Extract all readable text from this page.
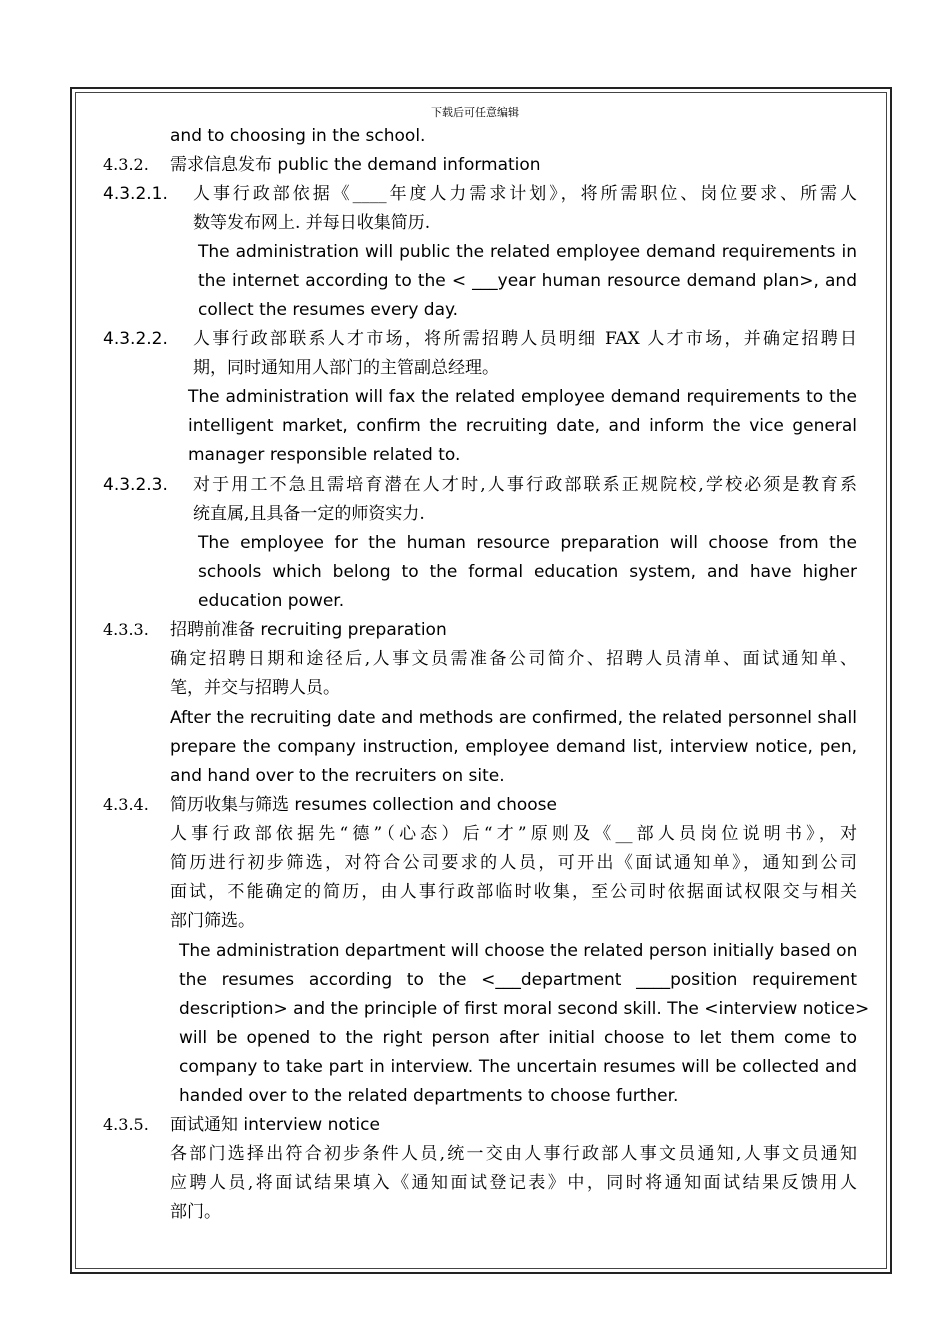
下载后可任意编辑
and to choosing in the school.
4.3.2. 需求信息发布 public the demand information
4.3.2.1. 人事行政部依据《____年度人力需求计划》，将所需职位、岗位要求、所需人
数等发布网上. 并每日收集简历.
The administration will public the related employee demand requirements in
the internet according to the < ___year human resource demand plan>, and
collect the resumes every day.
4.3.2.2. 人事行政部联系人才市场，将所需招聘人员明细 FAX 人才市场，并确定招聘日
期，同时通知用人部门的主管副总经理。
The administration will fax the related employee demand requirements to the
intelligent market, confirm the recruiting date, and inform the vice general
manager responsible related to.
4.3.2.3. 对于用工不急且需培育潜在人才时,人事行政部联系正规院校,学校必须是教育系
统直属,且具备一定的师资实力.
The employee for the human resource preparation will choose from the
schools which belong to the formal education system, and have higher
education power.
4.3.3. 招聘前准备 recruiting preparation
确定招聘日期和途径后,人事文员需准备公司简介、招聘人员清单、面试通知单、
笔，并交与招聘人员。
After the recruiting date and methods are confirmed, the related personnel shall
prepare the company instruction, employee demand list, interview notice, pen,
and hand over to the recruiters on site.
4.3.4. 简历收集与筛选 resumes collection and choose
人事行政部依据先“德”（心态）后“才”原则及《__部人员岗位说明书》，对
简历进行初步筛选，对符合公司要求的人员，可开出《面试通知单》，通知到公司
面试，不能确定的简历，由人事行政部临时收集，至公司时依据面试权限交与相关
部门筛选。
The administration department will choose the related person initially based on
the resumes according to the <___department ____position requirement
description> and the principle of first moral second skill. The <interview notice>
will be opened to the right person after initial choose to let them come to
company to take part in interview. The uncertain resumes will be collected and
handed over to the related departments to choose further.
4.3.5. 面试通知 interview notice
各部门选择出符合初步条件人员,统一交由人事行政部人事文员通知,人事文员通知
应聘人员,将面试结果填入《通知面试登记表》中，同时将通知面试结果反馈用人
部门。
